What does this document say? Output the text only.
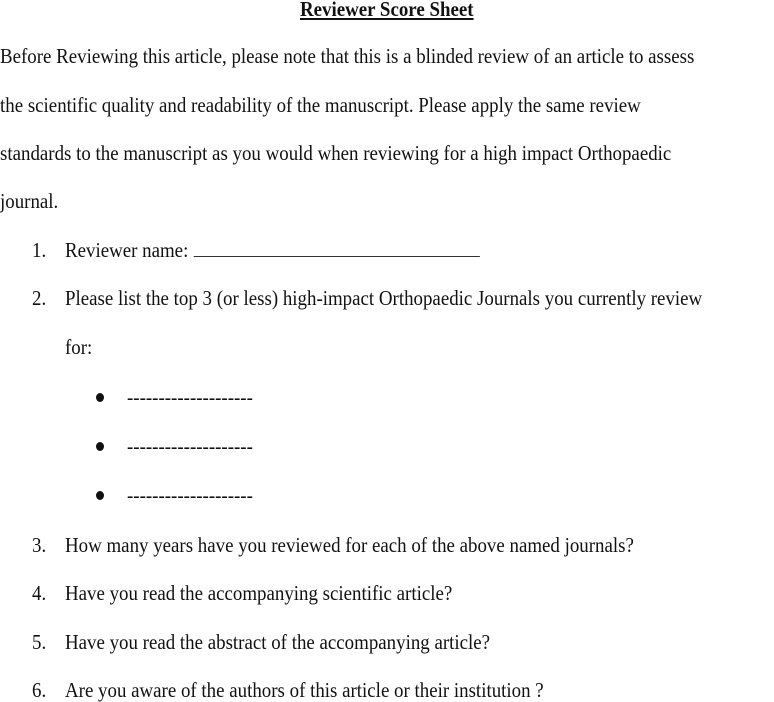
Reviewer Score Sheet
Before Reviewing this article, please note that this is a blinded review of an article to assess
the scientific quality and readability of the manuscript. Please apply the same review
standards to the manuscript as you would when reviewing for a high impact Orthopaedic
journal.
1. Reviewer name:
2. Please list the top 3 (or less) high-impact Orthopaedic Journals you currently review
for:
--------------------
--------------------
--------------------
3. How many years have you reviewed for each of the above named journals?
4. Have you read the accompanying scientific article?
5. Have you read the abstract of the accompanying article?
6. Are you aware of the authors of this article or their institution ?
